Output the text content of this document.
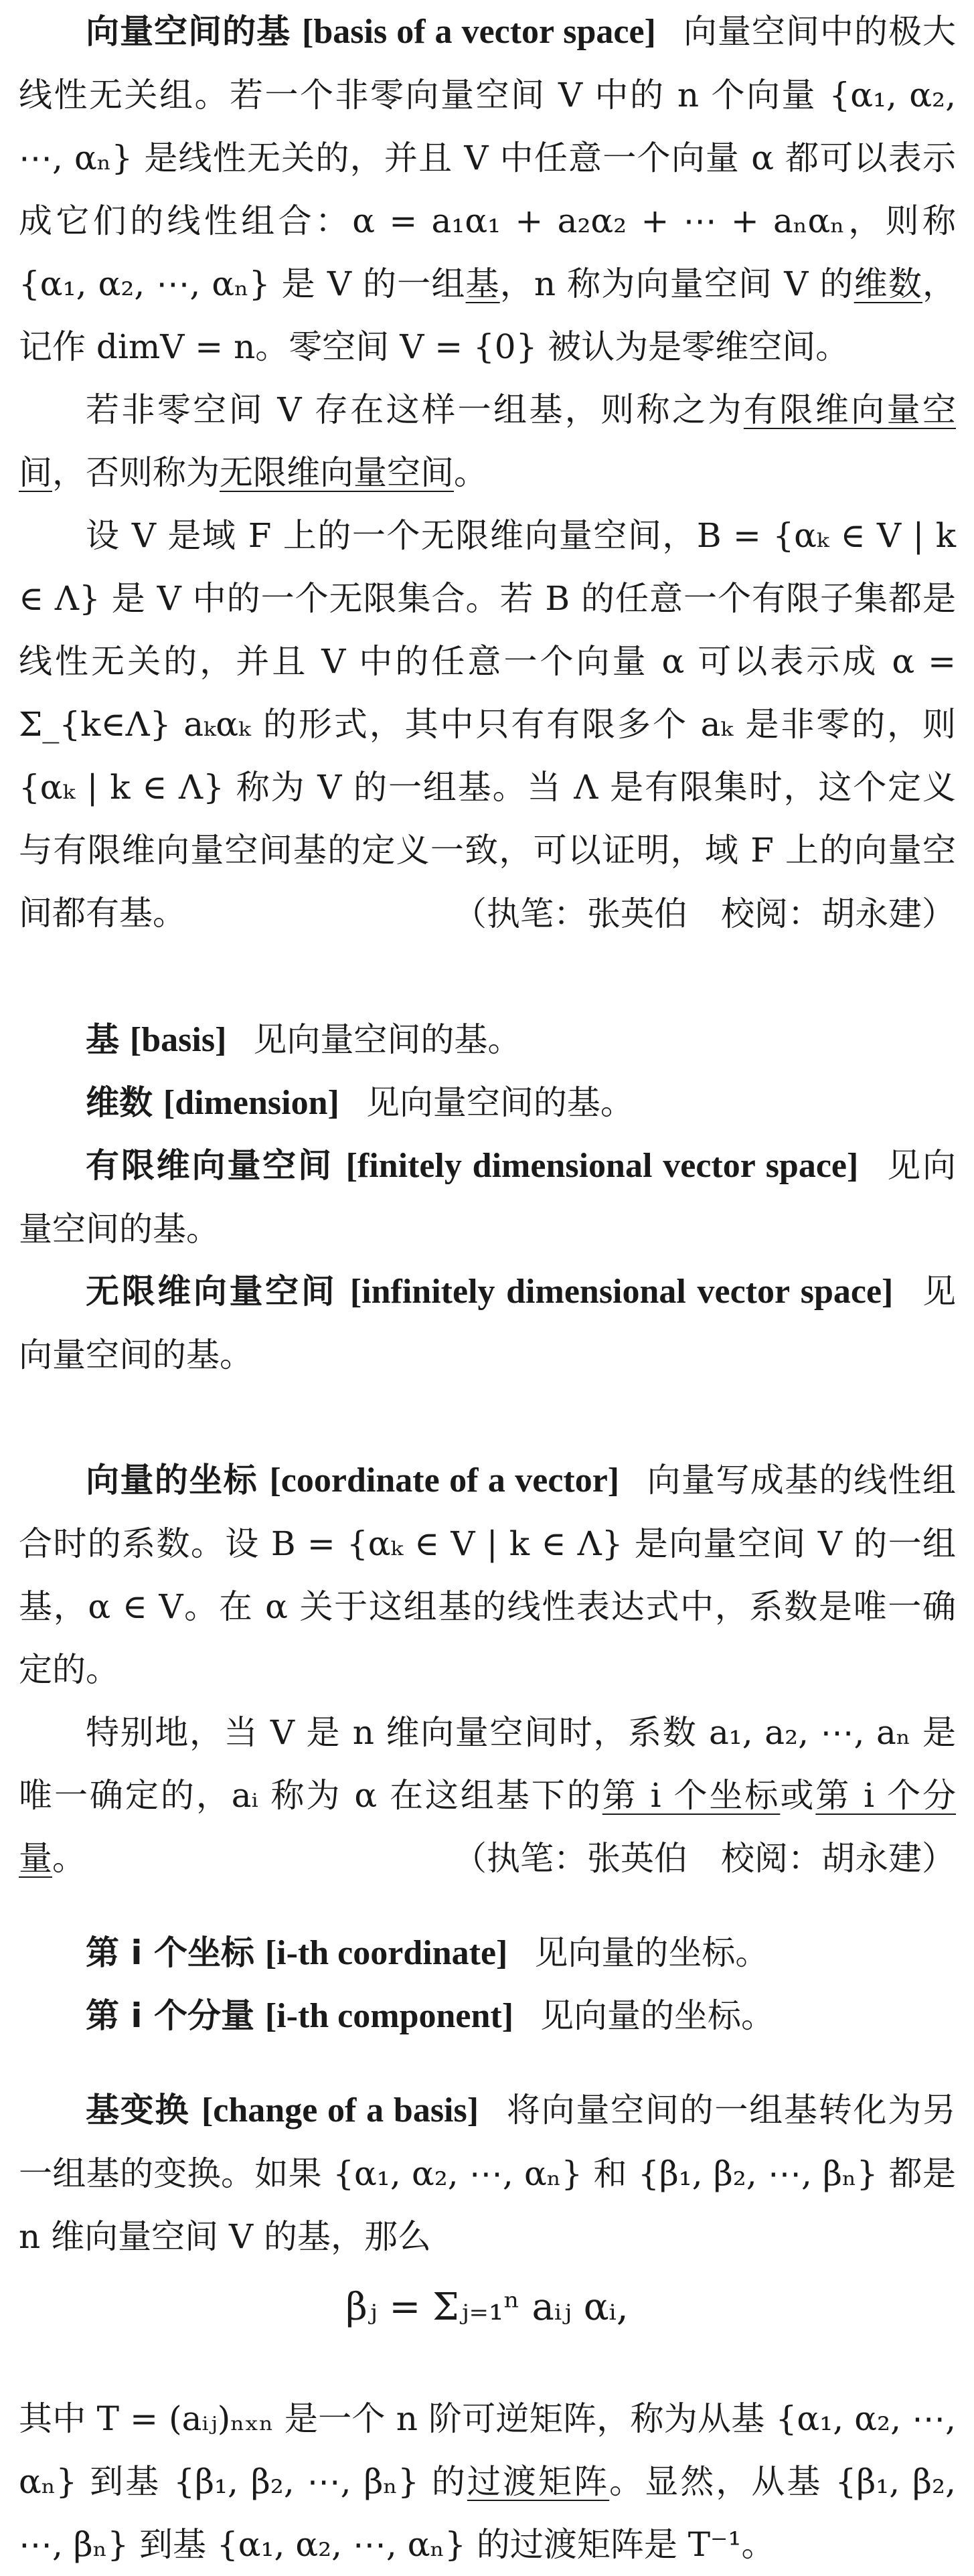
向量空间的基 [basis of a vector space] 向量空间中的极大线性无关组。若一个非零向量空间 V 中的 n 个向量 {α₁, α₂, ⋯, αₙ} 是线性无关的，并且 V 中任意一个向量 α 都可以表示成它们的线性组合：α = a₁α₁ + a₂α₂ + ⋯ + aₙαₙ，则称 {α₁, α₂, ⋯, αₙ} 是 V 的一组基，n 称为向量空间 V 的维数，记作 dimV = n。零空间 V = {0} 被认为是零维空间。

若非零空间 V 存在这样一组基，则称之为有限维向量空间，否则称为无限维向量空间。

设 V 是域 F 上的一个无限维向量空间，B = {αₖ ∈ V | k ∈ Λ} 是 V 中的一个无限集合。若 B 的任意一个有限子集都是线性无关的，并且 V 中的任意一个向量 α 可以表示成 α = Σ_{k∈Λ} aₖαₖ 的形式，其中只有有限多个 aₖ 是非零的，则 {αₖ | k ∈ Λ} 称为 V 的一组基。当 Λ 是有限集时，这个定义与有限维向量空间基的定义一致，可以证明，域 F 上的向量空间都有基。	（执笔：张英伯　校阅：胡永建）

基 [basis] 见向量空间的基。

维数 [dimension] 见向量空间的基。

有限维向量空间 [finitely dimensional vector space] 见向量空间的基。

无限维向量空间 [infinitely dimensional vector space] 见向量空间的基。

向量的坐标 [coordinate of a vector] 向量写成基的线性组合时的系数。设 B = {αₖ ∈ V | k ∈ Λ} 是向量空间 V 的一组基，α ∈ V。在 α 关于这组基的线性表达式中，系数是唯一确定的。

特别地，当 V 是 n 维向量空间时，系数 a₁, a₂, ⋯, aₙ 是唯一确定的，aᵢ 称为 α 在这组基下的第 i 个坐标或第 i 个分量。	（执笔：张英伯　校阅：胡永建）

第 i 个坐标 [i-th coordinate] 见向量的坐标。

第 i 个分量 [i-th component] 见向量的坐标。

基变换 [change of a basis] 将向量空间的一组基转化为另一组基的变换。如果 {α₁, α₂, ⋯, αₙ} 和 {β₁, β₂, ⋯, βₙ} 都是 n 维向量空间 V 的基，那么

βⱼ = Σⱼ₌₁ⁿ aᵢⱼ αᵢ,

其中 T = (aᵢⱼ)ₙₓₙ 是一个 n 阶可逆矩阵，称为从基 {α₁, α₂, ⋯, αₙ} 到基 {β₁, β₂, ⋯, βₙ} 的过渡矩阵。显然，从基 {β₁, β₂, ⋯, βₙ} 到基 {α₁, α₂, ⋯, αₙ} 的过渡矩阵是 T⁻¹。
